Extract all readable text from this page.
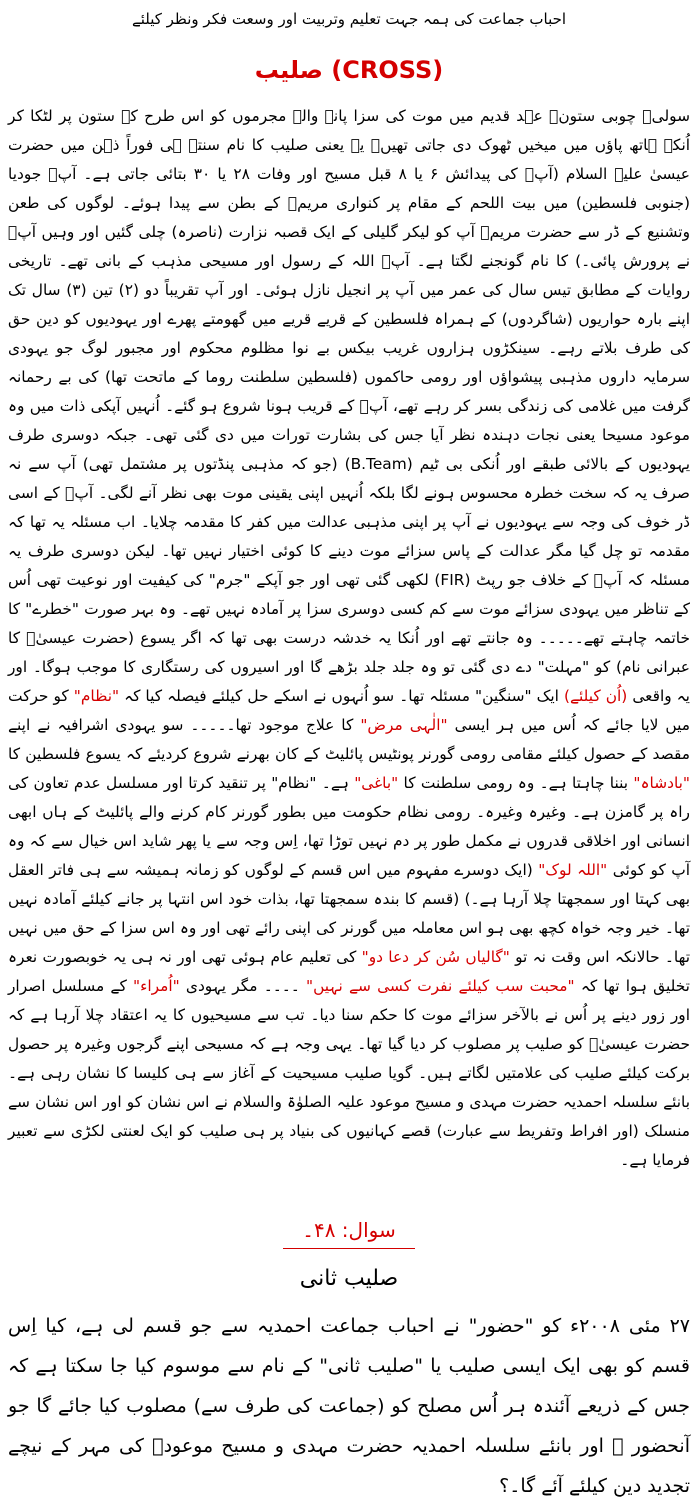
احباب جماعت کی ہمہ جہت تعلیم وتربیت اور وسعت فکر ونظر کیلئے
صلیب (CROSS)
سولی۔ چوبی ستون۔ عہد قدیم میں موت کی سزا پانے والے مجرموں کو اس طرح کے ستون پر لٹکا کر اُنکے ہاتھ پاؤں میں میخیں ٹھوک دی جاتی تھیں۔ یہ یعنی صلیب کا نام سنتے ہی فوراً ذہن میں حضرت عیسیٰ علیہ السلام (آپؑ کی پیدائش ۶ یا ۸ قبل مسیح اور وفات ۲۸ یا ۳۰ بتائی جاتی ہے۔ آپؑ جودیا (جنوبی فلسطین) میں بیت اللحم کے مقام پر کنواری مریمؑ کے بطن سے پیدا ہوئے۔ لوگوں کی طعن وتشنیع کے ڈر سے حضرت مریمؑ آپ کو لیکر گلیلی کے ایک قصبہ نزارت (ناصرہ) چلی گئیں اور وہیں آپؑ نے پرورش پائی۔) کا نام گونجنے لگتا ہے۔ آپؑ اللہ کے رسول اور مسیحی مذہب کے بانی تھے۔ تاریخی روایات کے مطابق تیس سال کی عمر میں آپ پر انجیل نازل ہوئی۔ اور آپ تقریباً دو (۲) تین (۳) سال تک اپنے بارہ حواریوں (شاگردوں) کے ہمراہ فلسطین کے قریے قریے میں گھومتے پھرے اور یہودیوں کو دین حق کی طرف بلاتے رہے۔ سینکڑوں ہزاروں غریب بیکس بے نوا مظلوم محکوم اور مجبور لوگ جو یہودی سرمایہ داروں مذہبی پیشواؤں اور رومی حاکموں (فلسطین سلطنت روما کے ماتحت تھا) کی بے رحمانہ گرفت میں غلامی کی زندگی بسر کر رہے تھے، آپؑ کے قریب ہونا شروع ہو گئے۔ اُنہیں آپکی ذات میں وہ موعود مسیحا یعنی نجات دہندہ نظر آیا جس کی بشارت تورات میں دی گئی تھی۔ جبکہ دوسری طرف یہودیوں کے بالائی طبقے اور اُنکی بی ٹیم (B.Team) (جو کہ مذہبی پنڈتوں پر مشتمل تھی) آپ سے نہ صرف یہ کہ سخت خطرہ محسوس ہونے لگا بلکہ اُنہیں اپنی یقینی موت بھی نظر آنے لگی۔ آپؑ کے اسی ڈر خوف کی وجہ سے یہودیوں نے آپ پر اپنی مذہبی عدالت میں کفر کا مقدمہ چلایا۔ اب مسئلہ یہ تھا کہ مقدمہ تو چل گیا مگر عدالت کے پاس سزائے موت دینے کا کوئی اختیار نہیں تھا۔ لیکن دوسری طرف یہ مسئلہ کہ آپؑ کے خلاف جو رپٹ (FIR) لکھی گئی تھی اور جو آپکے "جرم" کی کیفیت اور نوعیت تھی اُس کے تناظر میں یہودی سزائے موت سے کم کسی دوسری سزا پر آمادہ نہیں تھے۔ وہ بہر صورت "خطرے" کا خاتمہ چاہتے تھے۔۔۔۔۔ وہ جانتے تھے اور اُنکا یہ خدشہ درست بھی تھا کہ اگر یسوع (حضرت عیسیٰؑ کا عبرانی نام) کو "مہلت" دے دی گئی تو وہ جلد جلد بڑھے گا اور اسیروں کی رستگاری کا موجب ہوگا۔ اور یہ واقعی (اُن کیلئے) ایک "سنگین" مسئلہ تھا۔ سو اُنہوں نے اسکے حل کیلئے فیصلہ کیا کہ "نظام" کو حرکت میں لایا جائے کہ اُس میں ہر ایسی "الٰہی مرض" کا علاج موجود تھا۔۔۔۔۔ سو یہودی اشرافیہ نے اپنے مقصد کے حصول کیلئے مقامی رومی گورنر پونٹیس پائلیٹ کے کان بھرنے شروع کردیئے کہ یسوع فلسطین کا "بادشاہ" بننا چاہتا ہے۔ وہ رومی سلطنت کا "باغی" ہے۔ "نظام" پر تنقید کرتا اور مسلسل عدم تعاون کی راہ پر گامزن ہے۔ وغیرہ وغیرہ۔ رومی نظام حکومت میں بطور گورنر کام کرنے والے پائلیٹ کے ہاں ابھی انسانی اور اخلاقی قدروں نے مکمل طور پر دم نہیں توڑا تھا، اِس وجہ سے یا پھر شاید اس خیال سے کہ وہ آپ کو کوئی "اللہ لوک" (ایک دوسرے مفہوم میں اس قسم کے لوگوں کو زمانہ ہمیشہ سے ہی فاتر العقل بھی کہتا اور سمجھتا چلا آرہا ہے۔) (قسم کا بندہ سمجھتا تھا، بذات خود اس انتہا پر جانے کیلئے آمادہ نہیں تھا۔ خیر وجہ خواہ کچھ بھی ہو اس معاملہ میں گورنر کی اپنی رائے تھی اور وہ اس سزا کے حق میں نہیں تھا۔ حالانکہ اس وقت نہ تو "گالیاں سُن کر دعا دو" کی تعلیم عام ہوئی تھی اور نہ ہی یہ خوبصورت نعرہ تخلیق ہوا تھا کہ "محبت سب کیلئے نفرت کسی سے نہیں" ۔۔۔۔ مگر یہودی "اُمراء" کے مسلسل اصرار اور زور دینے پر اُس نے بالآخر سزائے موت کا حکم سنا دیا۔ تب سے مسیحیوں کا یہ اعتقاد چلا آرہا ہے کہ حضرت عیسیٰؑ کو صلیب پر مصلوب کر دیا گیا تھا۔ یہی وجہ ہے کہ مسیحی اپنے گرجوں وغیرہ پر حصول برکت کیلئے صلیب کی علامتیں لگاتے ہیں۔ گویا صلیب مسیحیت کے آغاز سے ہی کلیسا کا نشان رہی ہے۔ بانئے سلسلہ احمدیہ حضرت مہدی و مسیح موعود علیہ الصلوٰۃ والسلام نے اس نشان کو اور اس نشان سے منسلک (اور افراط وتفریط سے عبارت) قصے کہانیوں کی بنیاد پر ہی صلیب کو ایک لعنتی لکڑی سے تعبیر فرمایا ہے۔
سوال: ۴۸۔
صلیب ثانی
۲۷ مئی ۲۰۰۸ء کو "حضور" نے احباب جماعت احمدیہ سے جو قسم لی ہے، کیا اِس قسم کو بھی ایک ایسی صلیب یا "صلیب ثانی" کے نام سے موسوم کیا جا سکتا ہے کہ جس کے ذریعے آئندہ ہر اُس مصلح کو (جماعت کی طرف سے) مصلوب کیا جائے گا جو آنحضور ﷺ اور بانئے سلسلہ احمدیہ حضرت مہدی و مسیح موعودؑ کی مہر کے نیچے تجدید دین کیلئے آئے گا۔؟
